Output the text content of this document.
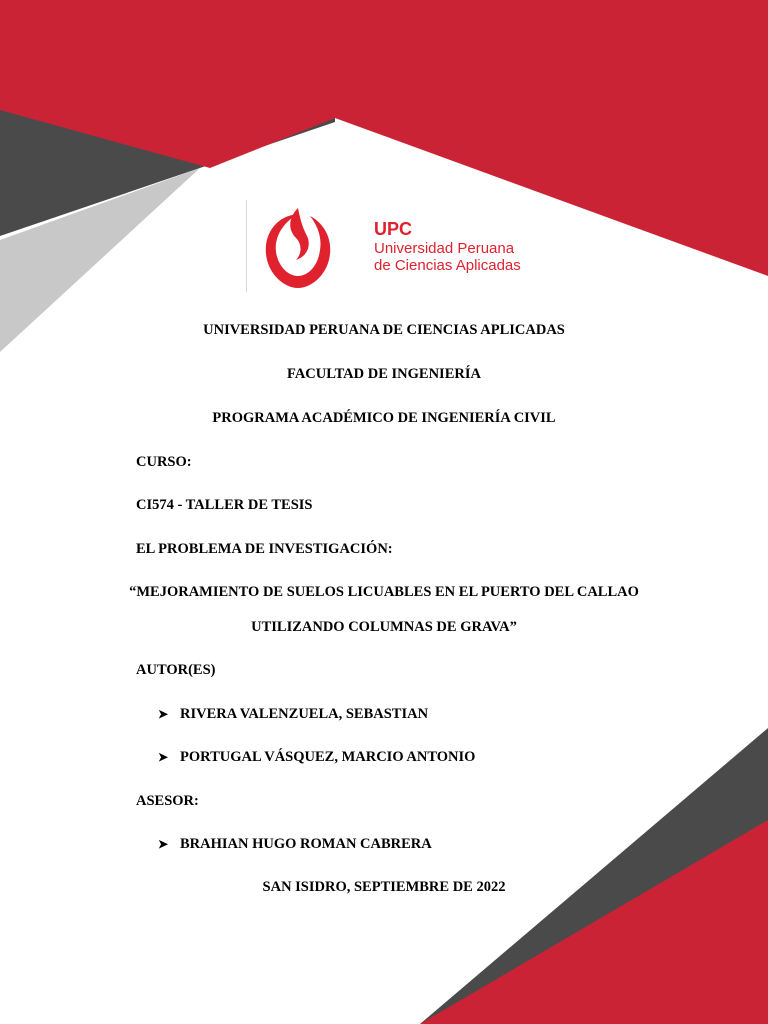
UPC
Universidad Peruana
de Ciencias Aplicadas
UNIVERSIDAD PERUANA DE CIENCIAS APLICADAS
FACULTAD DE INGENIERÍA
PROGRAMA ACADÉMICO DE INGENIERÍA CIVIL
CURSO:
CI574 - TALLER DE TESIS
EL PROBLEMA DE INVESTIGACIÓN:
“MEJORAMIENTO DE SUELOS LICUABLES EN EL PUERTO DEL CALLAO
UTILIZANDO COLUMNAS DE GRAVA”
AUTOR(ES)
➤ RIVERA VALENZUELA, SEBASTIAN
➤ PORTUGAL VÁSQUEZ, MARCIO ANTONIO
ASESOR:
➤ BRAHIAN HUGO ROMAN CABRERA
SAN ISIDRO, SEPTIEMBRE DE 2022
